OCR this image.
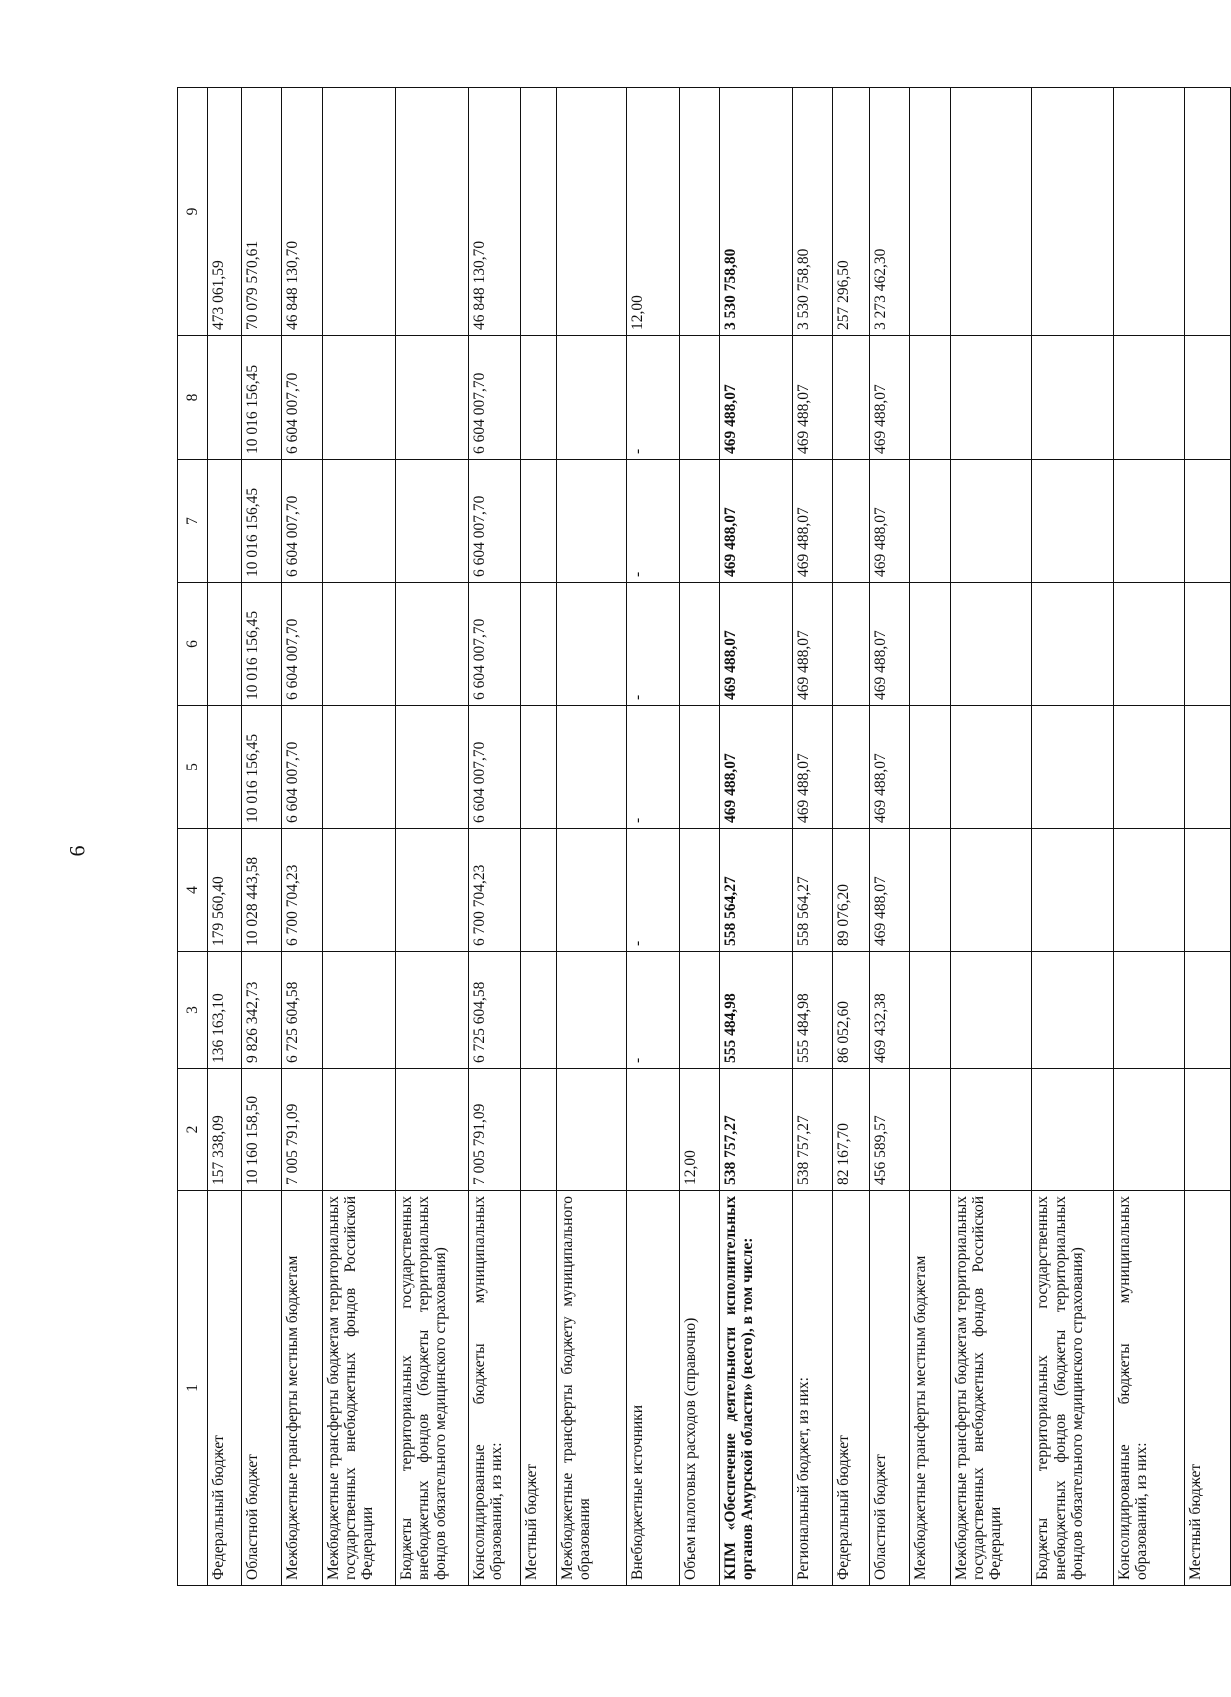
6
1	2	3	4	5	6	7	8	9
Федеральный бюджет	157 338,09	136 163,10	179 560,40					473 061,59
Областной бюджет	10 160 158,50	9 826 342,73	10 028 443,58	10 016 156,45	10 016 156,45	10 016 156,45	10 016 156,45	70 079 570,61
Межбюджетные трансферты местным бюджетам	7 005 791,09	6 725 604,58	6 700 704,23	6 604 007,70	6 604 007,70	6 604 007,70	6 604 007,70	46 848 130,70
Межбюджетные трансферты бюджетам территориальных государственных внебюджетных фондов Российской Федерации								
Бюджеты территориальных государственных внебюджетных фондов (бюджеты территориальных фондов обязательного медицинского страхования)								
Консолидированные бюджеты муниципальных образований, из них:	7 005 791,09	6 725 604,58	6 700 704,23	6 604 007,70	6 604 007,70	6 604 007,70	6 604 007,70	46 848 130,70
Местный бюджет								
Межбюджетные трансферты бюджету муниципального образования								
Внебюджетные источники		-	-	-	-	-	-	12,00
Объем налоговых расходов (справочно)	12,00							
КПМ «Обеспечение деятельности исполнительных органов Амурской области» (всего), в том числе:	538 757,27	555 484,98	558 564,27	469 488,07	469 488,07	469 488,07	469 488,07	3 530 758,80
Региональный бюджет, из них:	538 757,27	555 484,98	558 564,27	469 488,07	469 488,07	469 488,07	469 488,07	3 530 758,80
Федеральный бюджет	82 167,70	86 052,60	89 076,20					257 296,50
Областной бюджет	456 589,57	469 432,38	469 488,07	469 488,07	469 488,07	469 488,07	469 488,07	3 273 462,30
Межбюджетные трансферты местным бюджетам								
Межбюджетные трансферты бюджетам территориальных государственных внебюджетных фондов Российской Федерации								
Бюджеты территориальных государственных внебюджетных фондов (бюджеты территориальных фондов обязательного медицинского страхования)								
Консолидированные бюджеты муниципальных образований, из них:								
Местный бюджет								
